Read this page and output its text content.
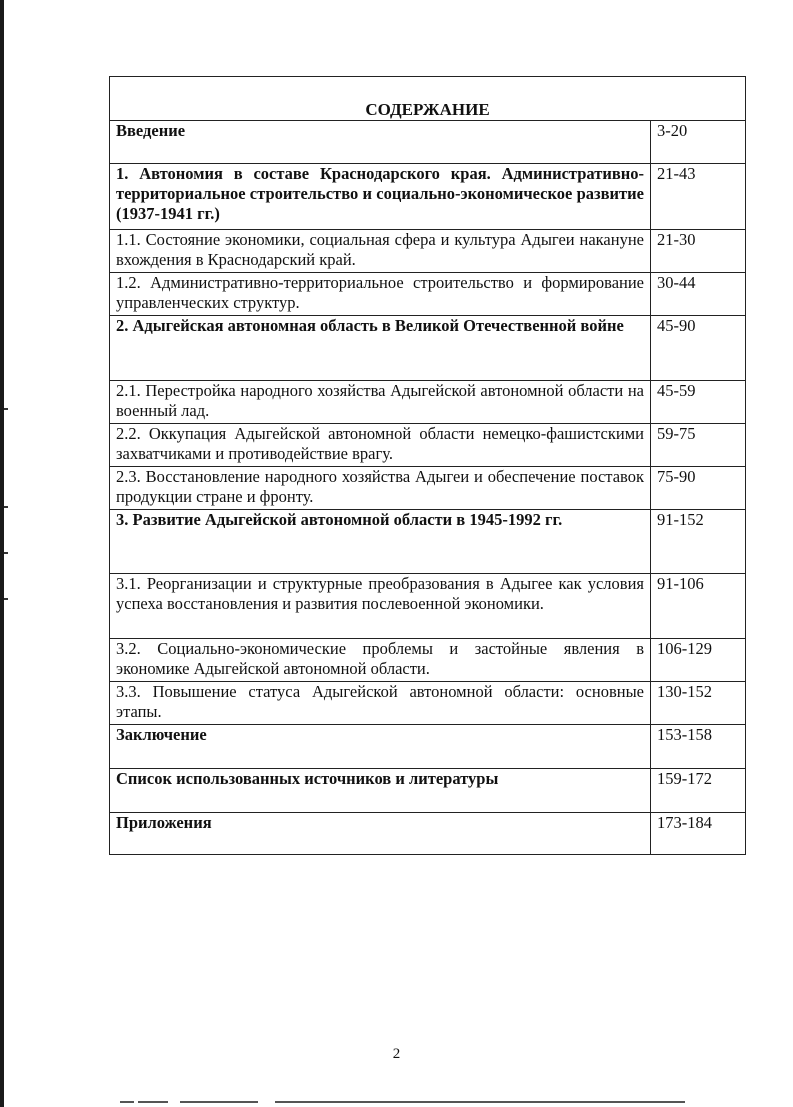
СОДЕРЖАНИЕ	

Введение	3-20
1. Автономия в составе Краснодарского края. Административно-территориальное строительство и социально-экономическое развитие (1937-1941 гг.)	21-43
1.1. Состояние экономики, социальная сфера и культура Адыгеи накануне вхождения в Краснодарский край.	21-30
1.2. Административно-территориальное строительство и формирование управленческих структур.	30-44
2. Адыгейская автономная область в Великой Отечественной войне	45-90
2.1. Перестройка народного хозяйства Адыгейской автономной области на военный лад.	45-59
2.2. Оккупация Адыгейской автономной области немецко-фашистскими захватчиками и противодействие врагу.	59-75
2.3. Восстановление народного хозяйства Адыгеи и обеспечение поставок продукции стране и фронту.	75-90
3. Развитие Адыгейской автономной области в 1945-1992 гг.	91-152
3.1. Реорганизации и структурные преобразования в Адыгее как условия успеха восстановления и развития послевоенной экономики.	91-106
3.2. Социально-экономические проблемы и застойные явления в экономике Адыгейской автономной области.	106-129
3.3. Повышение статуса Адыгейской автономной области: основные этапы.	130-152
Заключение	153-158
Список использованных источников и литературы	159-172
Приложения	173-184
2
